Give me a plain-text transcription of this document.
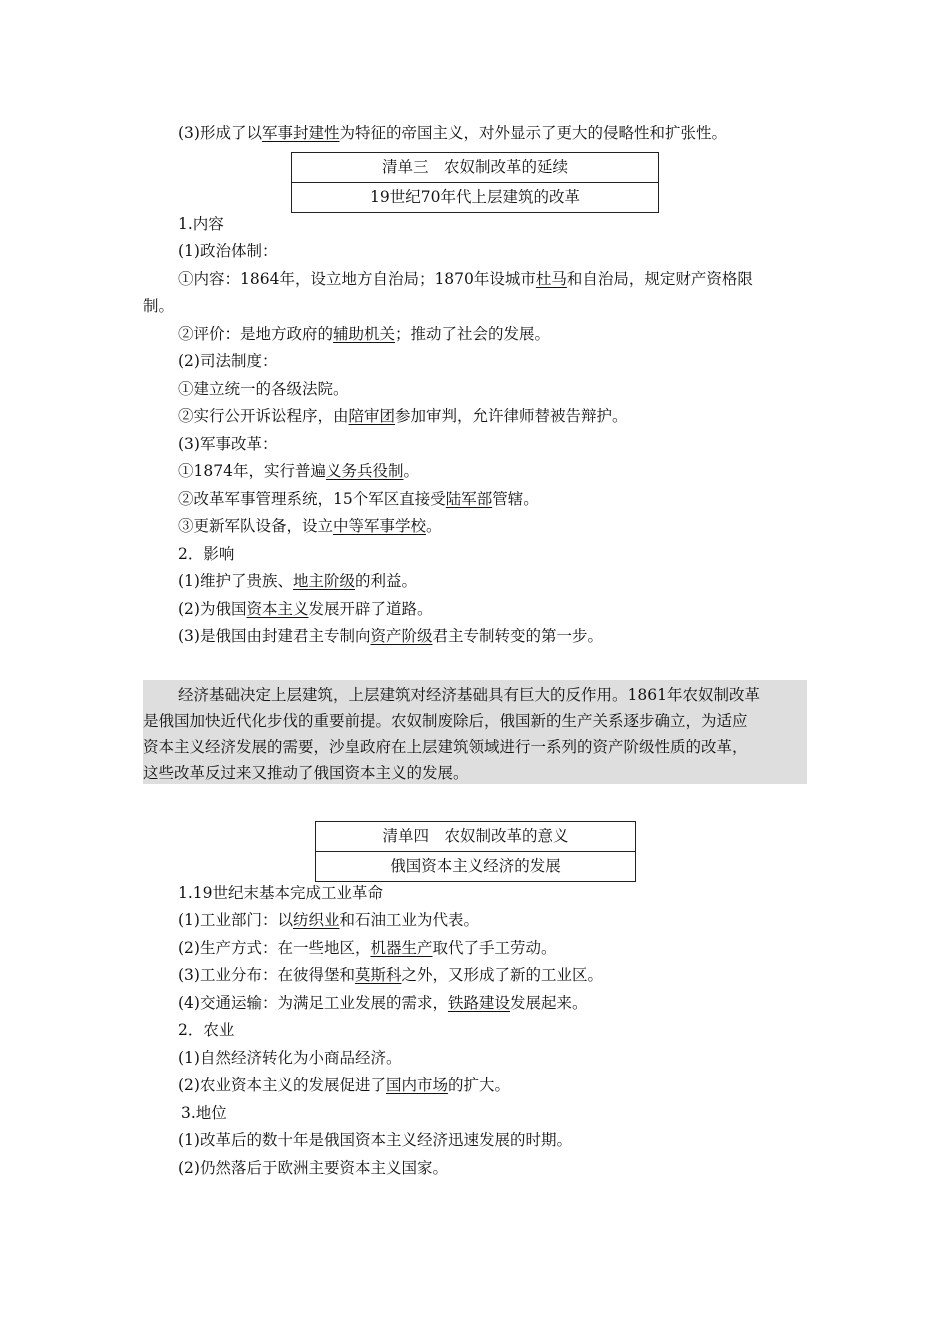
(3)形成了以军事封建性为特征的帝国主义，对外显示了更大的侵略性和扩张性。
清单三　农奴制改革的延续
19世纪70年代上层建筑的改革
1.内容
(1)政治体制：
①内容：1864年，设立地方自治局；1870年设城市杜马和自治局，规定财产资格限
制。
②评价：是地方政府的辅助机关；推动了社会的发展。
(2)司法制度：
①建立统一的各级法院。
②实行公开诉讼程序，由陪审团参加审判，允许律师替被告辩护。
(3)军事改革：
①1874年，实行普遍义务兵役制。
②改革军事管理系统，15个军区直接受陆军部管辖。
③更新军队设备，设立中等军事学校。
2．影响
(1)维护了贵族、地主阶级的利益。
(2)为俄国资本主义发展开辟了道路。
(3)是俄国由封建君主专制向资产阶级君主专制转变的第一步。
经济基础决定上层建筑，上层建筑对经济基础具有巨大的反作用。1861年农奴制改革
是俄国加快近代化步伐的重要前提。农奴制废除后，俄国新的生产关系逐步确立，为适应
资本主义经济发展的需要，沙皇政府在上层建筑领域进行一系列的资产阶级性质的改革，
这些改革反过来又推动了俄国资本主义的发展。
清单四　农奴制改革的意义
俄国资本主义经济的发展
1.19世纪末基本完成工业革命
(1)工业部门：以纺织业和石油工业为代表。
(2)生产方式：在一些地区，机器生产取代了手工劳动。
(3)工业分布：在彼得堡和莫斯科之外，又形成了新的工业区。
(4)交通运输：为满足工业发展的需求，铁路建设发展起来。
2．农业
(1)自然经济转化为小商品经济。
(2)农业资本主义的发展促进了国内市场的扩大。
3.地位
(1)改革后的数十年是俄国资本主义经济迅速发展的时期。
(2)仍然落后于欧洲主要资本主义国家。
